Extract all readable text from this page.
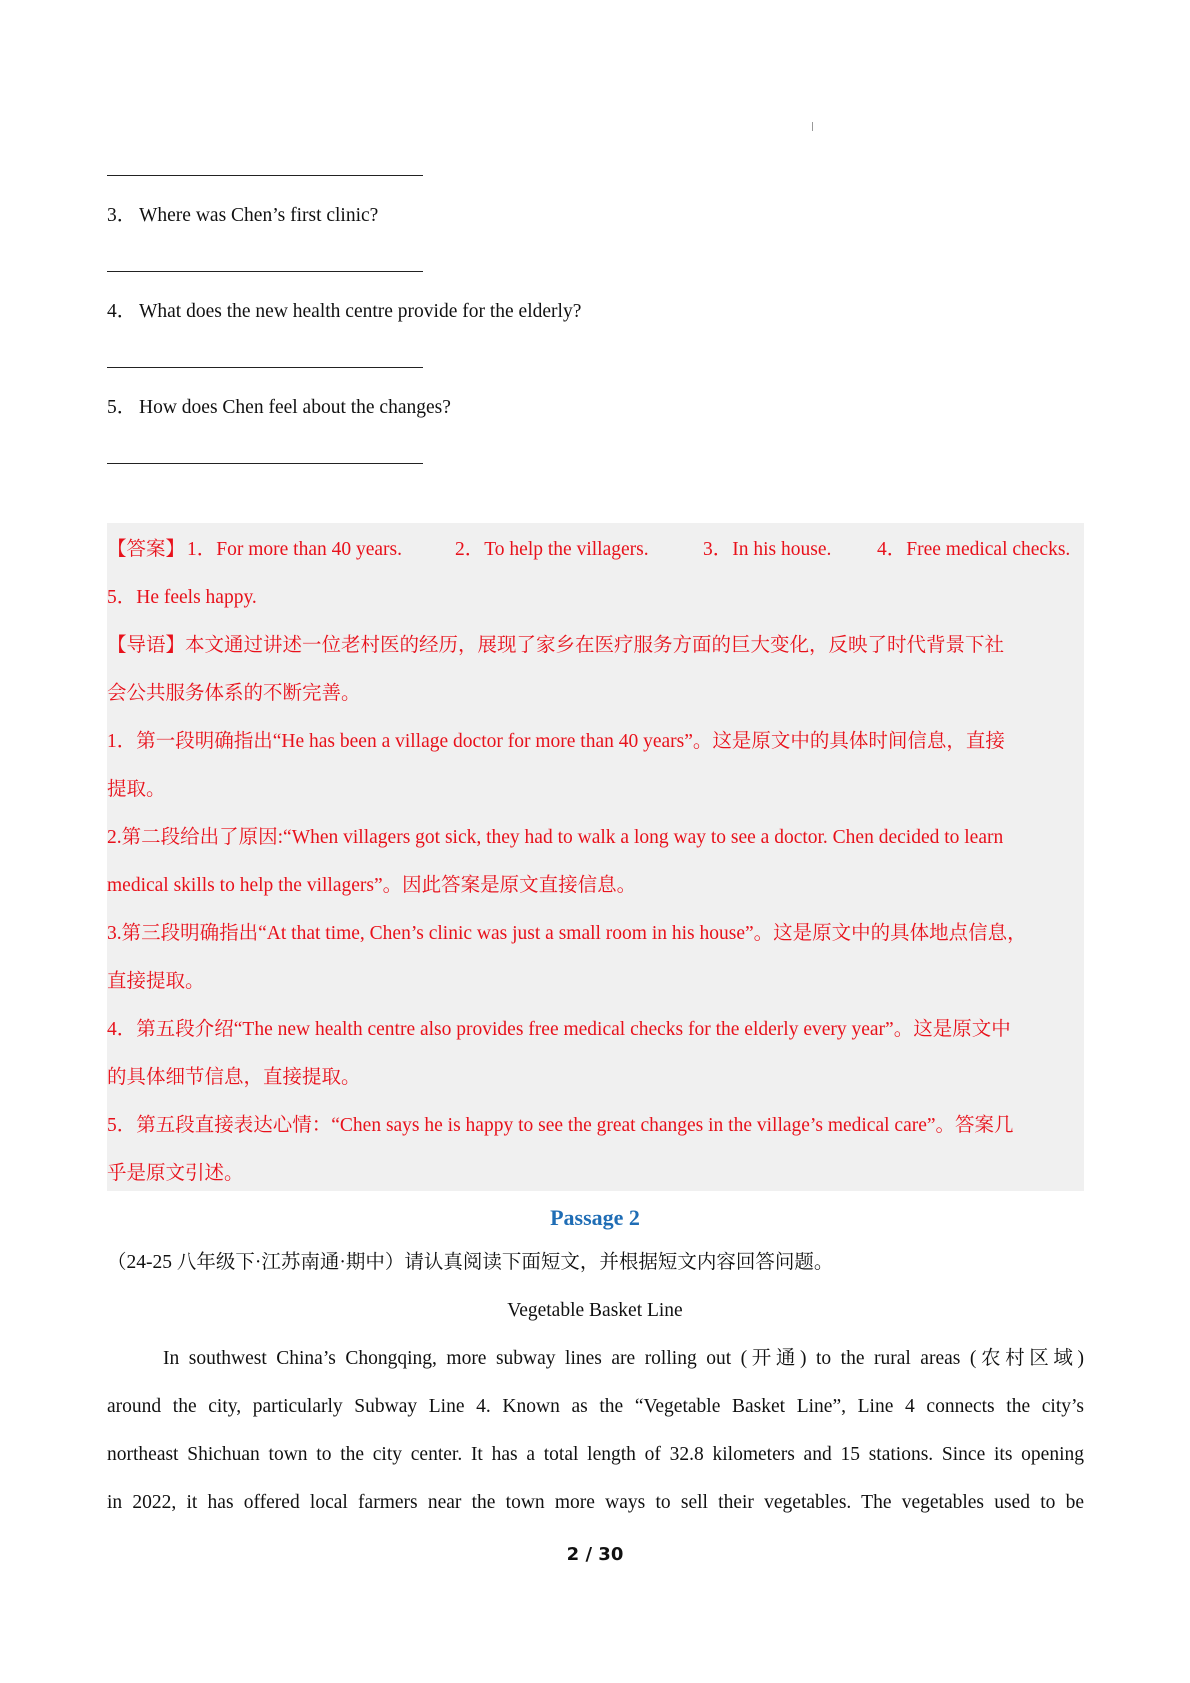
3． Where was Chen’s first clinic?
4． What does the new health centre provide for the elderly?
5． How does Chen feel about the changes?
【答案】 1．For more than 40 years.	2．To help the villagers.	3．In his house. 4．Free medical checks.
5．He feels happy.
【导语】本文通过讲述一位老村医的经历，展现了家乡在医疗服务方面的巨大变化，反映了时代背景下社
会公共服务体系的不断完善。
1．第一段明确指出“He has been a village doctor for more than 40 years”。这是原文中的具体时间信息，直接
提取。
2.第二段给出了原因:“When villagers got sick, they had to walk a long way to see a doctor. Chen decided to learn
medical skills to help the villagers”。因此答案是原文直接信息。
3.第三段明确指出“At that time, Chen’s clinic was just a small room in his house”。这是原文中的具体地点信息，
直接提取。
4．第五段介绍“The new health centre also provides free medical checks for the elderly every year”。这是原文中
的具体细节信息，直接提取。
5．第五段直接表达心情：“Chen says he is happy to see the great changes in the village’s medical care”。答案几
乎是原文引述。
Passage 2
（24-25 八年级下·江苏南通·期中）请认真阅读下面短文，并根据短文内容回答问题。
Vegetable Basket Line
In southwest China’s Chongqing, more subway lines are rolling out (开通) to the rural areas (农村区域)
around the city, particularly Subway Line 4. Known as the “Vegetable Basket Line”, Line 4 connects the city’s
northeast Shichuan town to the city center. It has a total length of 32.8 kilometers and 15 stations. Since its opening
in 2022, it has offered local farmers near the town more ways to sell their vegetables. The vegetables used to be
2 / 30
